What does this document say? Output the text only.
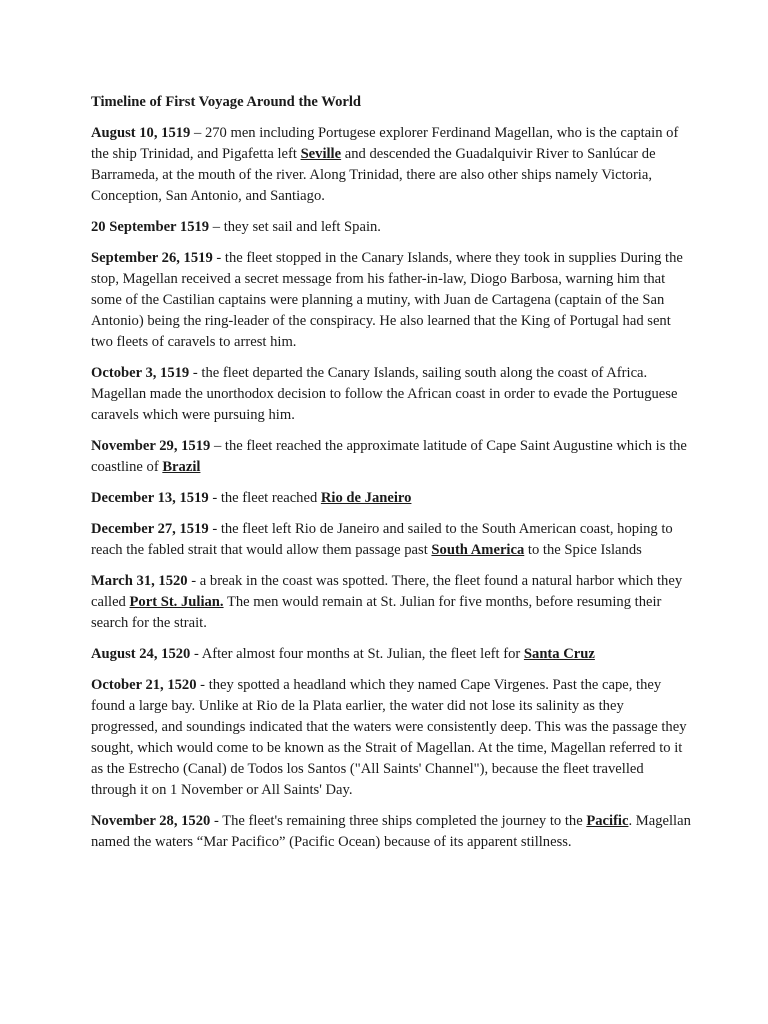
Timeline of First Voyage Around the World

August 10, 1519 – 270 men including Portugese explorer Ferdinand Magellan, who is the captain of the ship Trinidad, and Pigafetta left Seville and descended the Guadalquivir River to Sanlúcar de Barrameda, at the mouth of the river. Along Trinidad, there are also other ships namely Victoria, Conception, San Antonio, and Santiago.

20 September 1519 – they set sail and left Spain.

September 26, 1519 - the fleet stopped in the Canary Islands, where they took in supplies During the stop, Magellan received a secret message from his father-in-law, Diogo Barbosa, warning him that some of the Castilian captains were planning a mutiny, with Juan de Cartagena (captain of the San Antonio) being the ring-leader of the conspiracy. He also learned that the King of Portugal had sent two fleets of caravels to arrest him.

October 3, 1519 - the fleet departed the Canary Islands, sailing south along the coast of Africa. Magellan made the unorthodox decision to follow the African coast in order to evade the Portuguese caravels which were pursuing him.

November 29, 1519 – the fleet reached the approximate latitude of Cape Saint Augustine which is the coastline of Brazil

December 13, 1519 - the fleet reached Rio de Janeiro

December 27, 1519 - the fleet left Rio de Janeiro and sailed to the South American coast, hoping to reach the fabled strait that would allow them passage past South America to the Spice Islands

March 31, 1520 - a break in the coast was spotted. There, the fleet found a natural harbor which they called Port St. Julian. The men would remain at St. Julian for five months, before resuming their search for the strait.

August 24, 1520 - After almost four months at St. Julian, the fleet left for Santa Cruz

October 21, 1520 - they spotted a headland which they named Cape Virgenes. Past the cape, they found a large bay. Unlike at Rio de la Plata earlier, the water did not lose its salinity as they progressed, and soundings indicated that the waters were consistently deep. This was the passage they sought, which would come to be known as the Strait of Magellan. At the time, Magellan referred to it as the Estrecho (Canal) de Todos los Santos ("All Saints' Channel"), because the fleet travelled through it on 1 November or All Saints' Day.

November 28, 1520 - The fleet's remaining three ships completed the journey to the Pacific. Magellan named the waters “Mar Pacifico” (Pacific Ocean) because of its apparent stillness.
